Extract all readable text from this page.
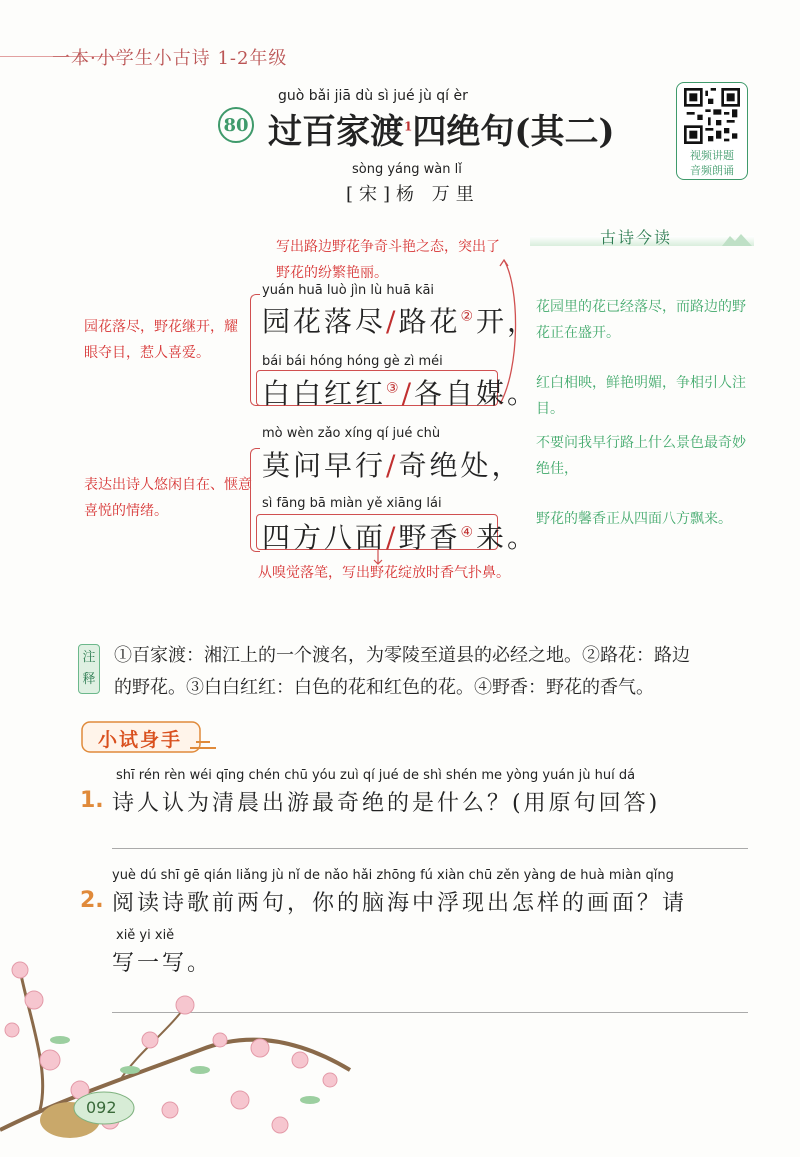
一本·小学生小古诗 1-2年级
80
guò bǎi jiā dù sì jué jù qí èr
过百家渡$^1$四绝句(其二)
sòng yáng wàn lǐ
[宋]杨 万里
视频讲题
音频朗诵
古诗今读
写出路边野花争奇斗艳之态，突出了野花的纷繁艳丽。
园花落尽，野花继开，耀眼夺目，惹人喜爱。
表达出诗人悠闲自在、惬意喜悦的情绪。
yuán huā luò jìn lù huā kāi
园花落尽/路花②开，
bái bái hóng hóng gè zì méi
白白红红③/各自媒。
mò wèn zǎo xíng qí jué chù
莫问早行/奇绝处，
sì fāng bā miàn yě xiāng lái
四方八面/野香④来。
从嗅觉落笔，写出野花绽放时香气扑鼻。
花园里的花已经落尽，而路边的野花正在盛开。
红白相映，鲜艳明媚，争相引人注目。
不要问我早行路上什么景色最奇妙绝佳，
野花的馨香正从四面八方飘来。
注释
①百家渡：湘江上的一个渡名，为零陵至道县的必经之地。②路花：路边
的野花。③白白红红：白色的花和红色的花。④野香：野花的香气。
小试身手
shī rén rèn wéi qīng chén chū yóu zuì qí jué de shì shén me yòng yuán jù huí dá
1. 诗人认为清晨出游最奇绝的是什么？(用原句回答)
yuè dú shī gē qián liǎng jù nǐ de nǎo hǎi zhōng fú xiàn chū zěn yàng de huà miàn qǐng
2. 阅读诗歌前两句，你的脑海中浮现出怎样的画面？请
xiě yi xiě
写一写。
092
